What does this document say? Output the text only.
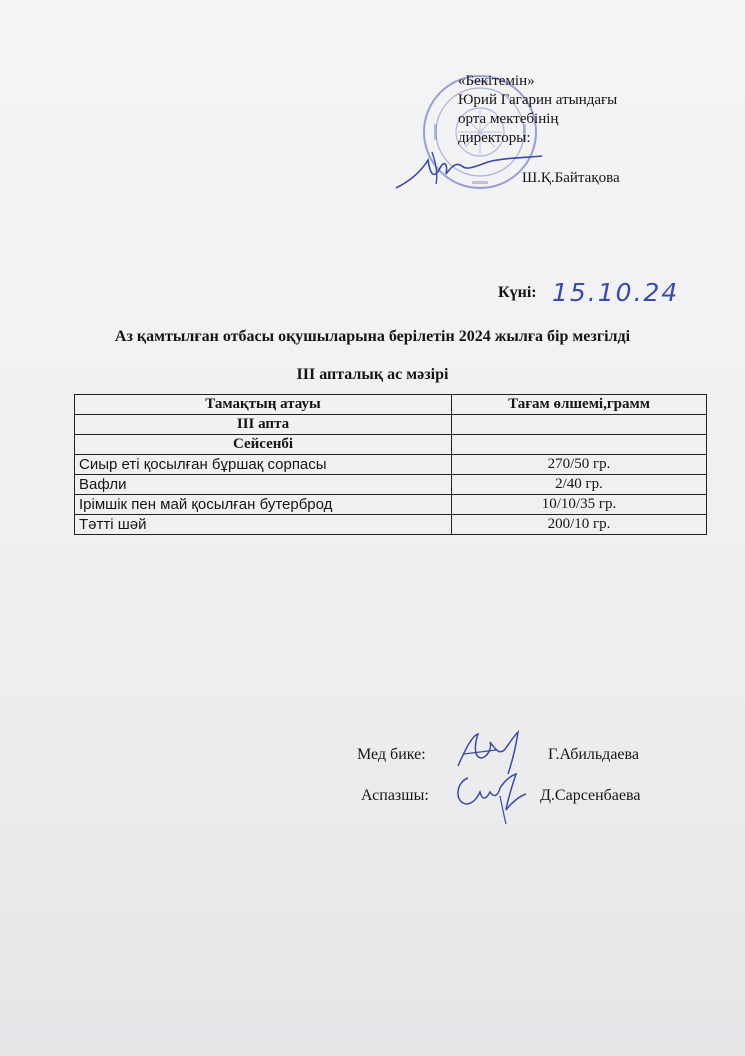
«Бекітемін»
Юрий Гагарин атындағы
орта мектебінің
директоры:
Ш.Қ.Байтақова

Күні: 15.10.24
Аз қамтылған отбасы оқушыларына берілетін 2024 жылға бір мезгілді
III апталық ас мәзірі
Тамақтың атауы	Тағам өлшемі,грамм
III апта	
Сейсенбі	
Сиыр еті қосылған бұршақ сорпасы	270/50 гр.
Вафли	2/40 гр.
Ірімшік пен май қосылған бутерброд	10/10/35 гр.
Тәтті шәй	200/10 гр.
Мед бике:	Г.Абильдаева
Аспазшы:	Д.Сарсенбаева
